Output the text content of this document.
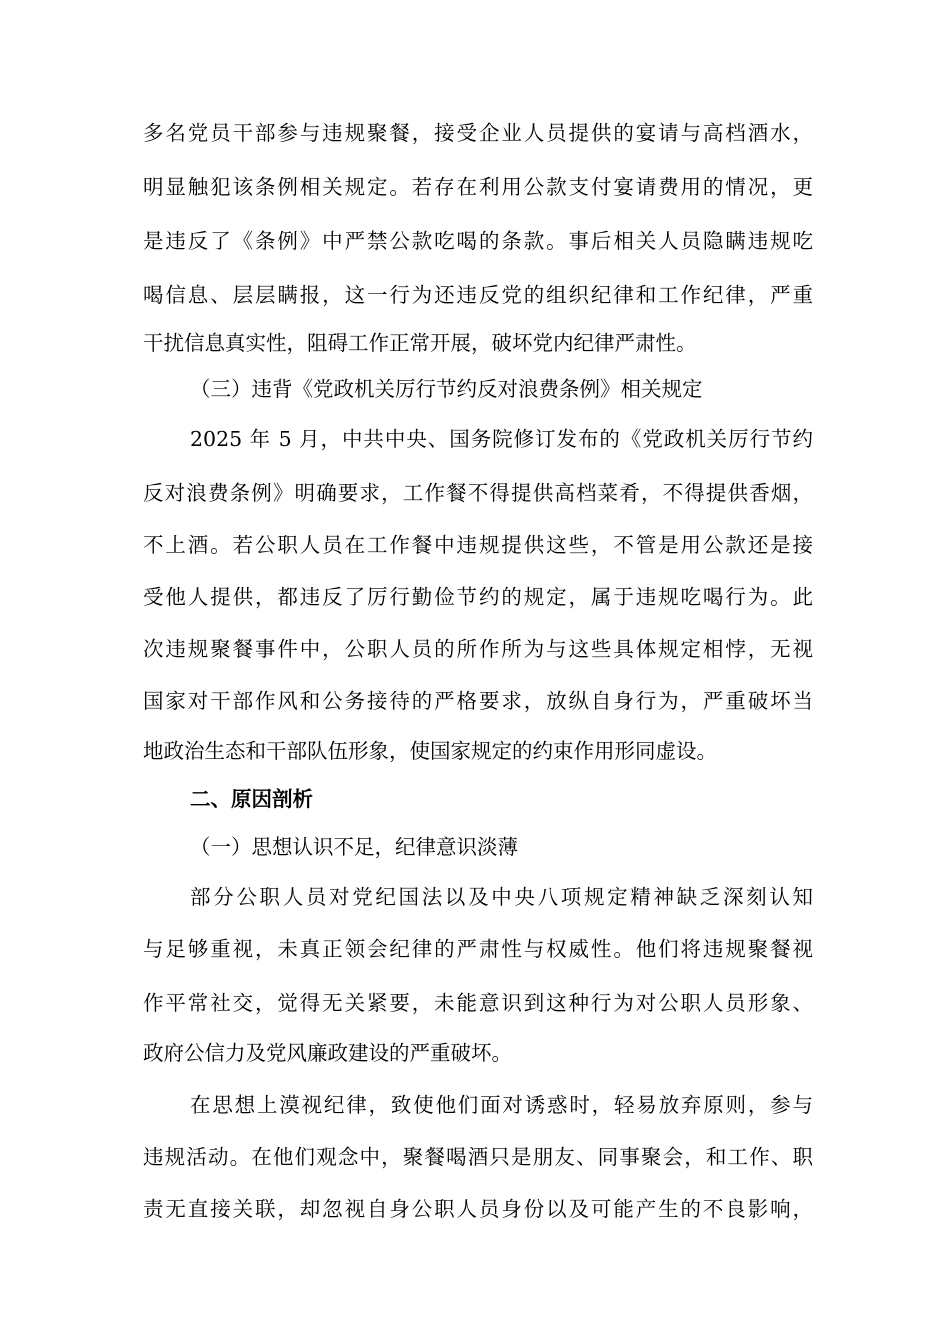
多名党员干部参与违规聚餐，接受企业人员提供的宴请与高档酒水，
明显触犯该条例相关规定。若存在利用公款支付宴请费用的情况，更
是违反了《条例》中严禁公款吃喝的条款。事后相关人员隐瞒违规吃
喝信息、层层瞒报，这一行为还违反党的组织纪律和工作纪律，严重
干扰信息真实性，阻碍工作正常开展，破坏党内纪律严肃性。
（三）违背《党政机关厉行节约反对浪费条例》相关规定
2025 年 5 月，中共中央、国务院修订发布的《党政机关厉行节约
反对浪费条例》明确要求，工作餐不得提供高档菜肴，不得提供香烟，
不上酒。若公职人员在工作餐中违规提供这些，不管是用公款还是接
受他人提供，都违反了厉行勤俭节约的规定，属于违规吃喝行为。此
次违规聚餐事件中，公职人员的所作所为与这些具体规定相悖，无视
国家对干部作风和公务接待的严格要求，放纵自身行为，严重破坏当
地政治生态和干部队伍形象，使国家规定的约束作用形同虚设。
二、原因剖析
（一）思想认识不足，纪律意识淡薄
部分公职人员对党纪国法以及中央八项规定精神缺乏深刻认知
与足够重视，未真正领会纪律的严肃性与权威性。他们将违规聚餐视
作平常社交，觉得无关紧要，未能意识到这种行为对公职人员形象、
政府公信力及党风廉政建设的严重破坏。
在思想上漠视纪律，致使他们面对诱惑时，轻易放弃原则，参与
违规活动。在他们观念中，聚餐喝酒只是朋友、同事聚会，和工作、职
责无直接关联，却忽视自身公职人员身份以及可能产生的不良影响，
